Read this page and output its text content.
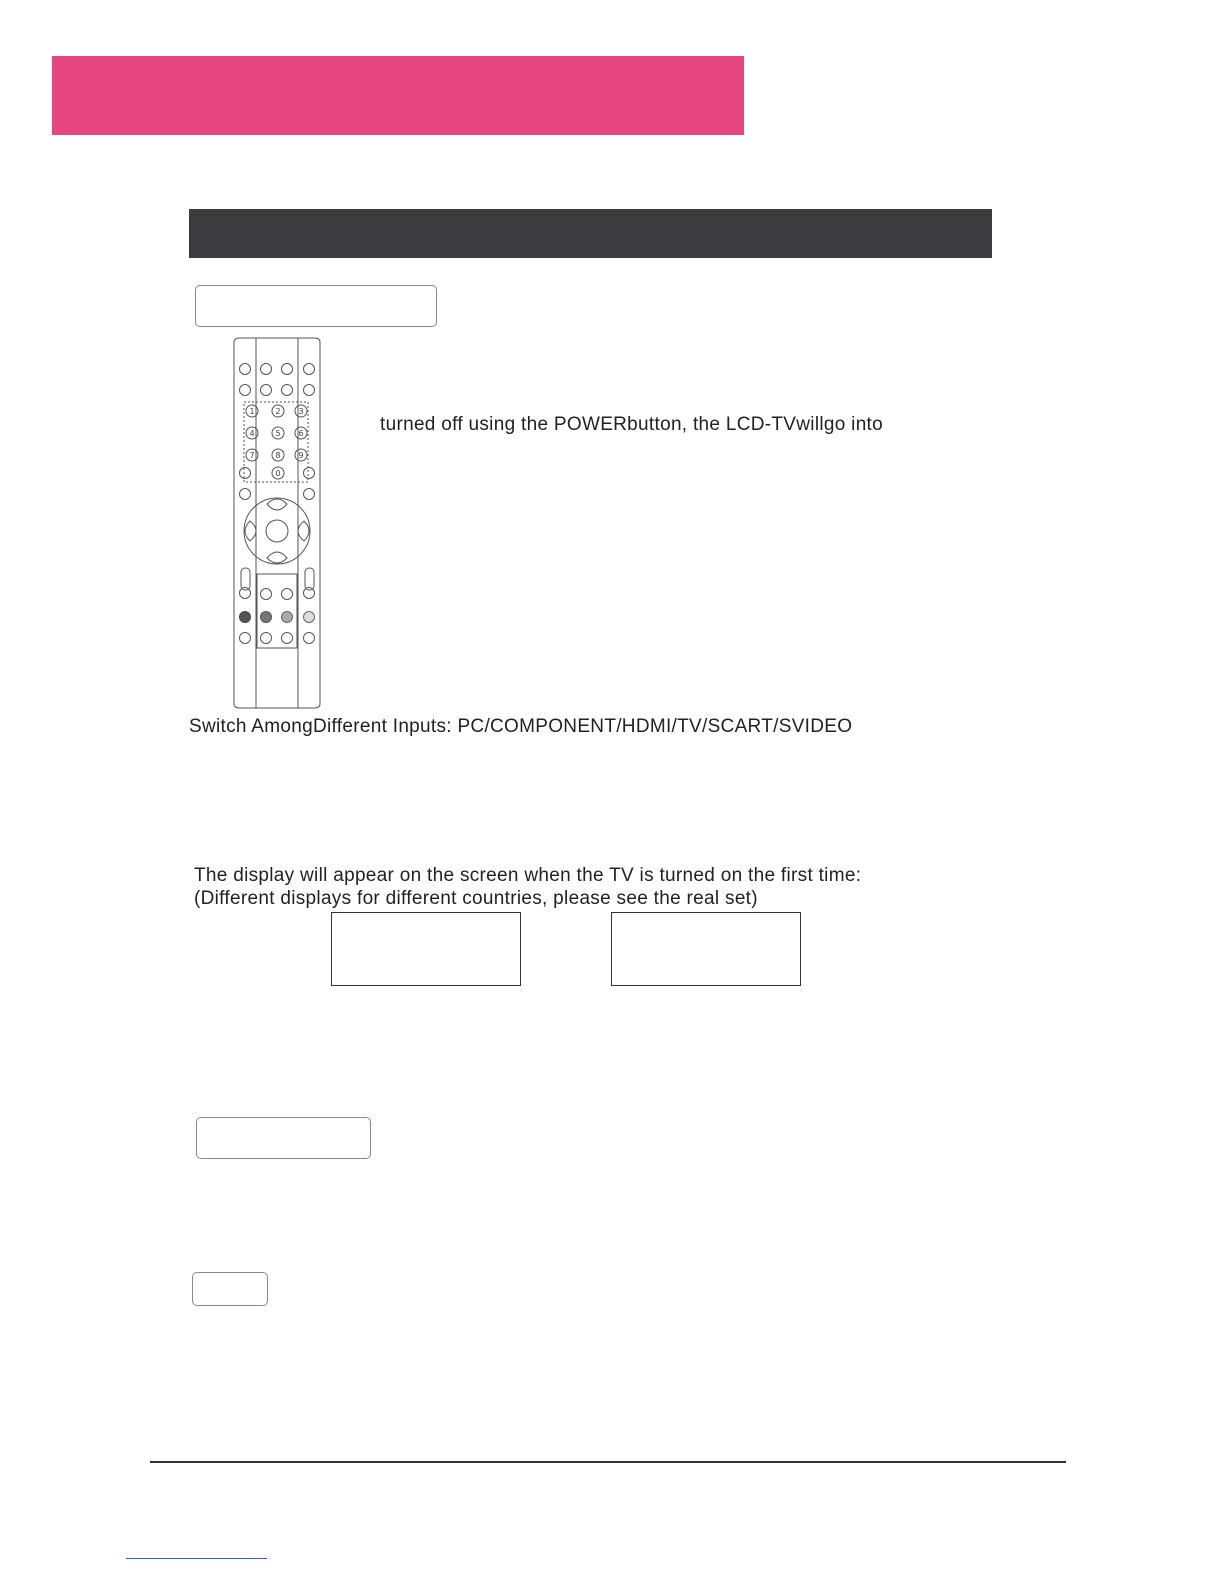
1	2 3
4	5 6
7	8 9
0
turned off using the POWERbutton, the LCD-TVwillgo into
Switch AmongDifferent Inputs: PC/COMPONENT/HDMI/TV/SCART/SVIDEO
The display will appear on the screen when the TV is turned on the first time:
(Different displays for different countries, please see the real set)
